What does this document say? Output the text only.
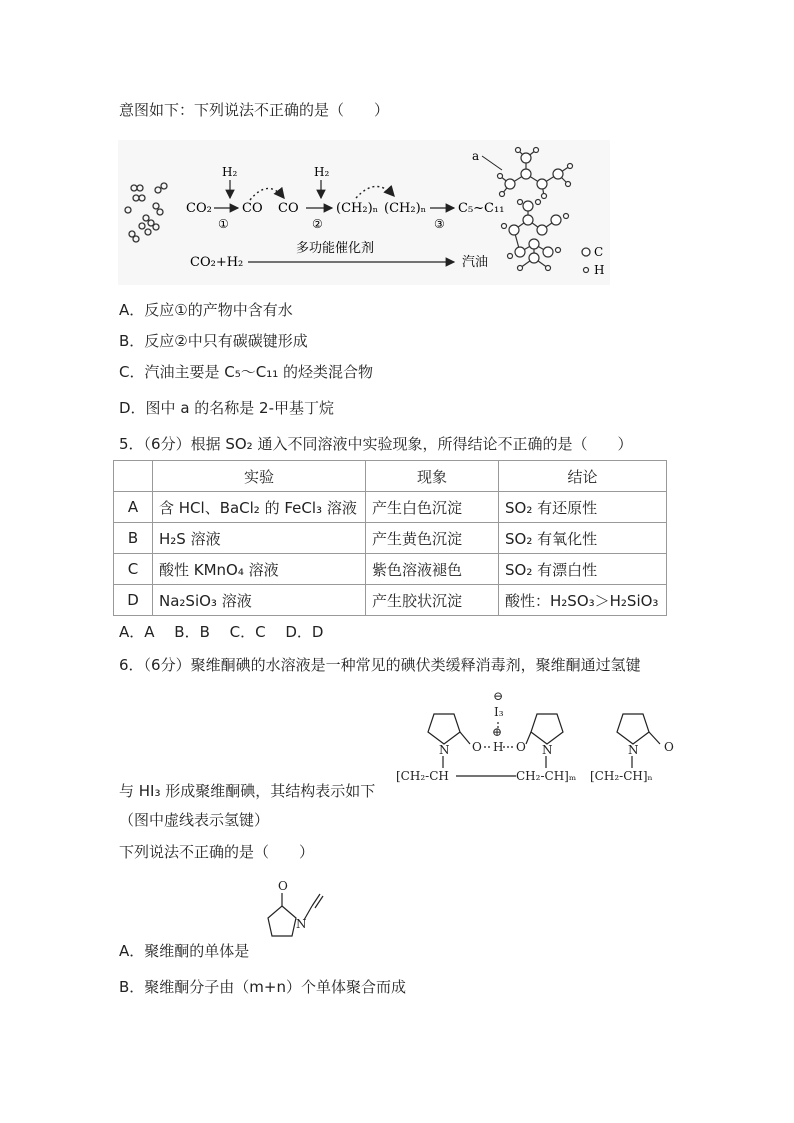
意图如下：下列说法不正确的是（　　）
H₂
CO₂
①
CO CO
H₂
②
(CH₂)ₙ (CH₂)ₙ
③
C₅~C₁₁
a
C
H
CO₂+H₂
多功能催化剂
汽油
A．反应①的产物中含有水
B．反应②中只有碳碳键形成
C．汽油主要是 C₅～C₁₁ 的烃类混合物
D．图中 a 的名称是 2-甲基丁烷
5．（6分）根据 SO₂ 通入不同溶液中实验现象，所得结论不正确的是（　　）
	实验	现象	结论
A	含 HCl、BaCl₂ 的 FeCl₃ 溶液	产生白色沉淀	SO₂ 有还原性
B	H₂S 溶液	产生黄色沉淀	SO₂ 有氧化性
C	酸性 KMnO₄ 溶液	紫色溶液褪色	SO₂ 有漂白性
D	Na₂SiO₃ 溶液	产生胶状沉淀	酸性：H₂SO₃＞H₂SiO₃
A．A　 B．B　 C．C　 D．D
6．（6分）聚维酮碘的水溶液是一种常见的碘伏类缓释消毒剂，聚维酮通过氢键
⊖
I₃
⊕
H
O	O	O
N	N	N
[CH₂-CH	CH₂-CH]ₘ [CH₂-CH]ₙ
与 HI₃ 形成聚维酮碘，其结构表示如下
（图中虚线表示氢键）
下列说法不正确的是（　　）
O
N
A．聚维酮的单体是
B．聚维酮分子由（m+n）个单体聚合而成
